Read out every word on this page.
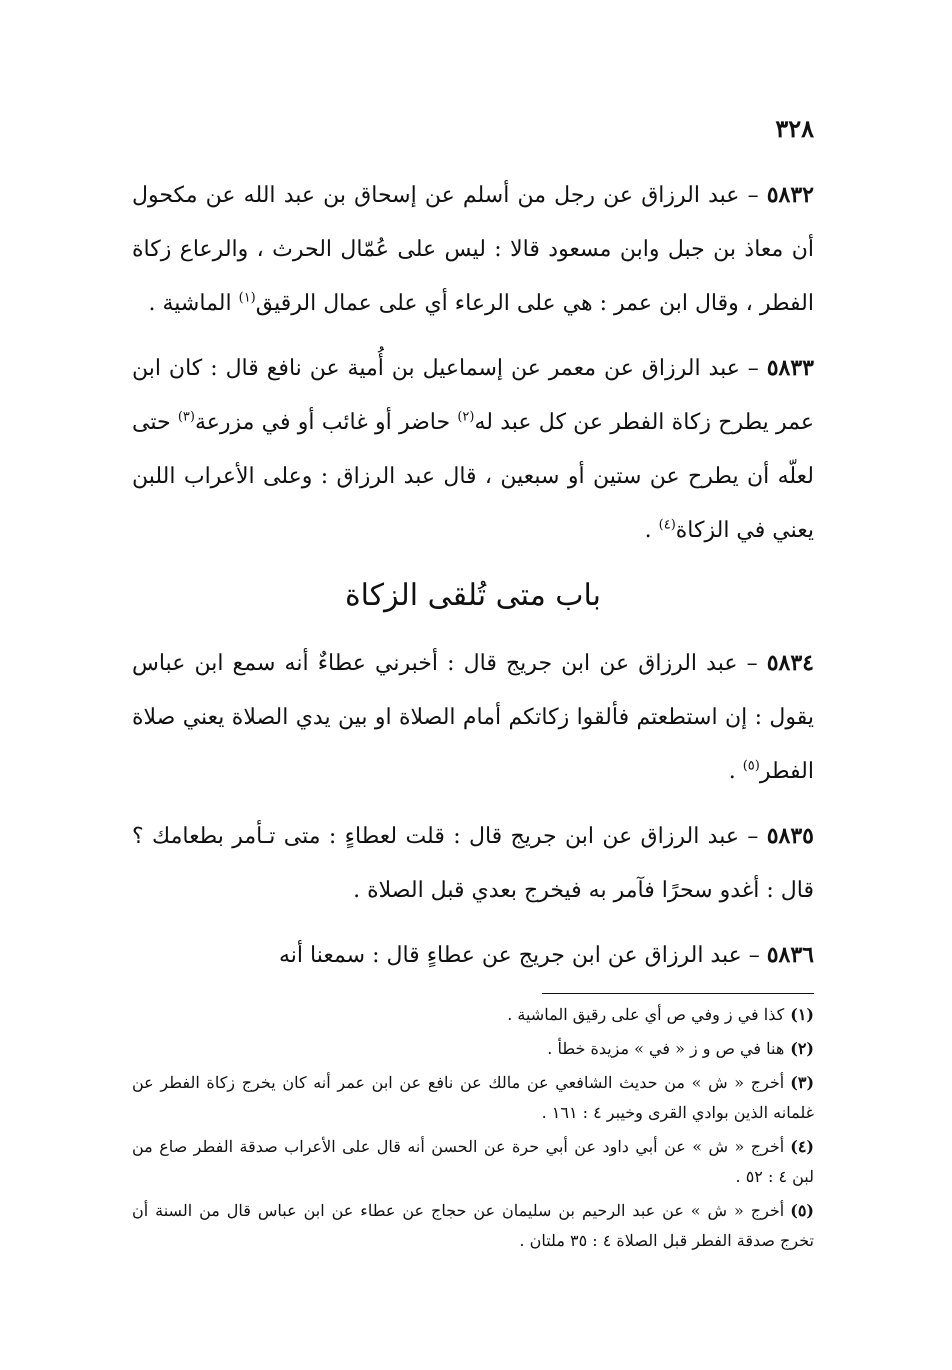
٣٢٨

٥٨٣٢ – عبد الرزاق عن رجل من أسلم عن إسحاق بن عبد الله عن مكحول أن معاذ بن جبل وابن مسعود قالا : ليس على عُمّال الحرث ، والرعاع زكاة الفطر ، وقال ابن عمر : هي على الرعاء أي على عمال الرقيق$^{(١)}$ الماشية .

٥٨٣٣ – عبد الرزاق عن معمر عن إسماعيل بن أُمية عن نافع قال : كان ابن عمر يطرح زكاة الفطر عن كل عبد له$^{(٢)}$ حاضر أو غائب أو في مزرعة$^{(٣)}$ حتى لعلّه أن يطرح عن ستين أو سبعين ، قال عبد الرزاق : وعلى الأعراب اللبن يعني في الزكاة$^{(٤)}$ .

باب متى تُلقى الزكاة

٥٨٣٤ – عبد الرزاق عن ابن جريج قال : أخبرني عطاءٌ أنه سمع ابن عباس يقول : إن استطعتم فألقوا زكاتكم أمام الصلاة او بين يدي الصلاة يعني صلاة الفطر$^{(٥)}$ .

٥٨٣٥ – عبد الرزاق عن ابن جريج قال : قلت لعطاءٍ : متى تـأمر بطعامك ؟ قال : أغدو سحرًا فآمر به فيخرج بعدي قبل الصلاة .

٥٨٣٦ – عبد الرزاق عن ابن جريج عن عطاءٍ قال : سمعنا أنه

(١)كذا في ز وفي ص أي على رقيق الماشية .

(٢)هنا في ص و ز « في » مزيدة خطأ .

(٣)أخرج « ش » من حديث الشافعي عن مالك عن نافع عن ابن عمر أنه كان يخرج زكاة الفطر عن غلمانه الذين بوادي القرى وخيبر ٤ : ١٦١ .

(٤)أخرج « ش » عن أبي داود عن أبي حرة عن الحسن أنه قال على الأعراب صدقة الفطر صاع من لبن ٤ : ٥٢ .

(٥)أخرج « ش » عن عبد الرحيم بن سليمان عن حجاج عن عطاء عن ابن عباس قال من السنة أن تخرج صدقة الفطر قبل الصلاة ٤ : ٣٥ ملتان .
